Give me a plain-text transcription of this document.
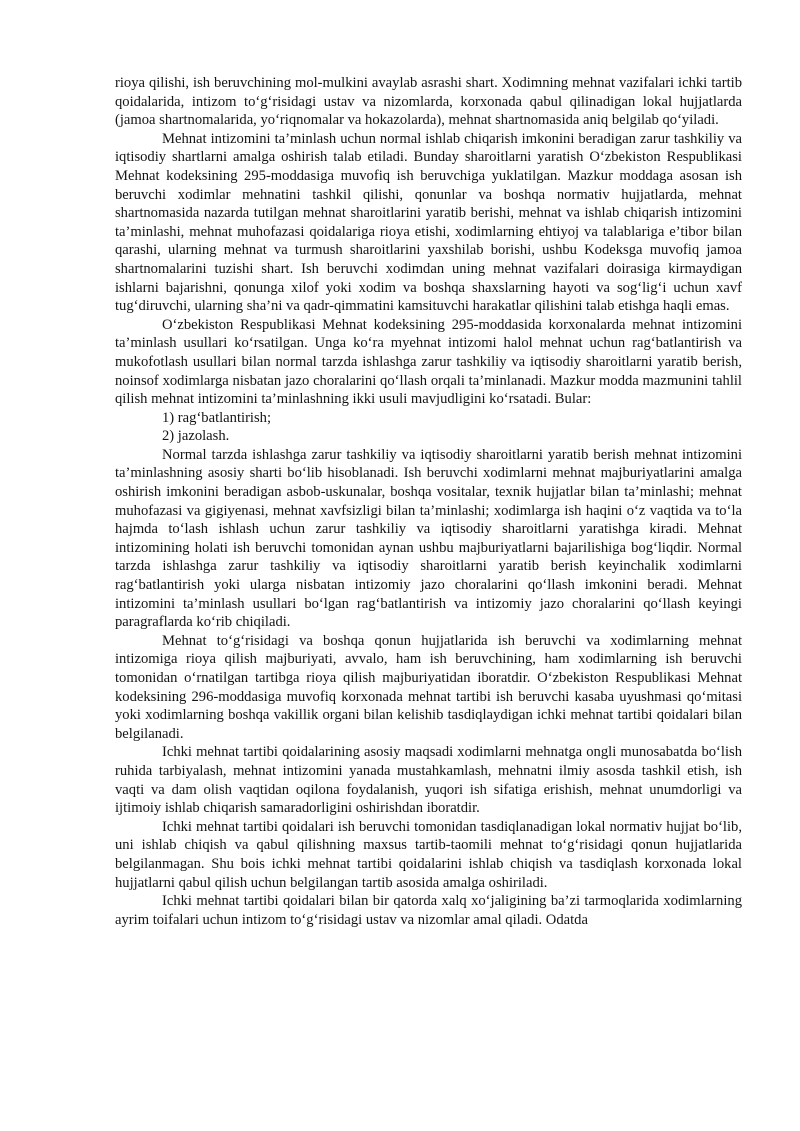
rioya qilishi, ish beruvchining mol-mulkini avaylab asrashi shart. Xodimning mehnat vazifalari ichki tartib qoidalarida, intizom to‘g‘risidagi ustav va nizomlarda, korxonada qabul qilinadigan lokal hujjatlarda (jamoa shartnomalarida, yo‘riqnomalar va hokazolarda), mehnat shartnomasida aniq belgilab qo‘yiladi.

Mehnat intizomini ta’minlash uchun normal ishlab chiqarish imkonini beradigan zarur tashkiliy va iqtisodiy shartlarni amalga oshirish talab etiladi. Bunday sharoitlarni yaratish O‘zbekiston Respublikasi Mehnat kodeksining 295-moddasiga muvofiq ish beruvchiga yuklatilgan. Mazkur moddaga asosan ish beruvchi xodimlar mehnatini tashkil qilishi, qonunlar va boshqa normativ hujjatlarda, mehnat shartnomasida nazarda tutilgan mehnat sharoitlarini yaratib berishi, mehnat va ishlab chiqarish intizomini ta’minlashi, mehnat muhofazasi qoidalariga rioya etishi, xodimlarning ehtiyoj va talablariga e’tibor bilan qarashi, ularning mehnat va turmush sharoitlarini yaxshilab borishi, ushbu Kodeksga muvofiq jamoa shartnomalarini tuzishi shart. Ish beruvchi xodimdan uning mehnat vazifalari doirasiga kirmaydigan ishlarni bajarishni, qonunga xilof yoki xodim va boshqa shaxslarning hayoti va sog‘lig‘i uchun xavf tug‘diruvchi, ularning sha’ni va qadr-qimmatini kamsituvchi harakatlar qilishini talab etishga haqli emas.

O‘zbekiston Respublikasi Mehnat kodeksining 295-moddasida korxonalarda mehnat intizomini ta’minlash usullari ko‘rsatilgan. Unga ko‘ra myehnat intizomi halol mehnat uchun rag‘batlantirish va mukofotlash usullari bilan normal tarzda ishlashga zarur tashkiliy va iqtisodiy sharoitlarni yaratib berish, noinsof xodimlarga nisbatan jazo choralarini qo‘llash orqali ta’minlanadi. Mazkur modda mazmunini tahlil qilish mehnat intizomini ta’minlashning ikki usuli mavjudligini ko‘rsatadi. Bular:

1) rag‘batlantirish;

2) jazolash.

Normal tarzda ishlashga zarur tashkiliy va iqtisodiy sharoitlarni yaratib berish mehnat intizomini ta’minlashning asosiy sharti bo‘lib hisoblanadi. Ish beruvchi xodimlarni mehnat majburiyatlarini amalga oshirish imkonini beradigan asbob-uskunalar, boshqa vositalar, texnik hujjatlar bilan ta’minlashi; mehnat muhofazasi va gigiyenasi, mehnat xavfsizligi bilan ta’minlashi; xodimlarga ish haqini o‘z vaqtida va to‘la hajmda to‘lash ishlash uchun zarur tashkiliy va iqtisodiy sharoitlarni yaratishga kiradi. Mehnat intizomining holati ish beruvchi tomonidan aynan ushbu majburiyatlarni bajarilishiga bog‘liqdir. Normal tarzda ishlashga zarur tashkiliy va iqtisodiy sharoitlarni yaratib berish keyinchalik xodimlarni rag‘batlantirish yoki ularga nisbatan intizomiy jazo choralarini qo‘llash imkonini beradi. Mehnat intizomini ta’minlash usullari bo‘lgan rag‘batlantirish va intizomiy jazo choralarini qo‘llash keyingi paragraflarda ko‘rib chiqiladi.

Mehnat to‘g‘risidagi va boshqa qonun hujjatlarida ish beruvchi va xodimlarning mehnat intizomiga rioya qilish majburiyati, avvalo, ham ish beruvchining, ham xodimlarning ish beruvchi tomonidan o‘rnatilgan tartibga rioya qilish majburiyatidan iboratdir. O‘zbekiston Respublikasi Mehnat kodeksining 296-moddasiga muvofiq korxonada mehnat tartibi ish beruvchi kasaba uyushmasi qo‘mitasi yoki xodimlarning boshqa vakillik organi bilan kelishib tasdiqlaydigan ichki mehnat tartibi qoidalari bilan belgilanadi.

Ichki mehnat tartibi qoidalarining asosiy maqsadi xodimlarni mehnatga ongli munosabatda bo‘lish ruhida tarbiyalash, mehnat intizomini yanada mustahkamlash, mehnatni ilmiy asosda tashkil etish, ish vaqti va dam olish vaqtidan oqilona foydalanish, yuqori ish sifatiga erishish, mehnat unumdorligi va ijtimoiy ishlab chiqarish samaradorligini oshirishdan iboratdir.

Ichki mehnat tartibi qoidalari ish beruvchi tomonidan tasdiqlanadigan lokal normativ hujjat bo‘lib, uni ishlab chiqish va qabul qilishning maxsus tartib-taomili mehnat to‘g‘risidagi qonun hujjatlarida belgilanmagan. Shu bois ichki mehnat tartibi qoidalarini ishlab chiqish va tasdiqlash korxonada lokal hujjatlarni qabul qilish uchun belgilangan tartib asosida amalga oshiriladi.

Ichki mehnat tartibi qoidalari bilan bir qatorda xalq xo‘jaligining ba’zi tarmoqlarida xodimlarning ayrim toifalari uchun intizom to‘g‘risidagi ustav va nizomlar amal qiladi. Odatda
